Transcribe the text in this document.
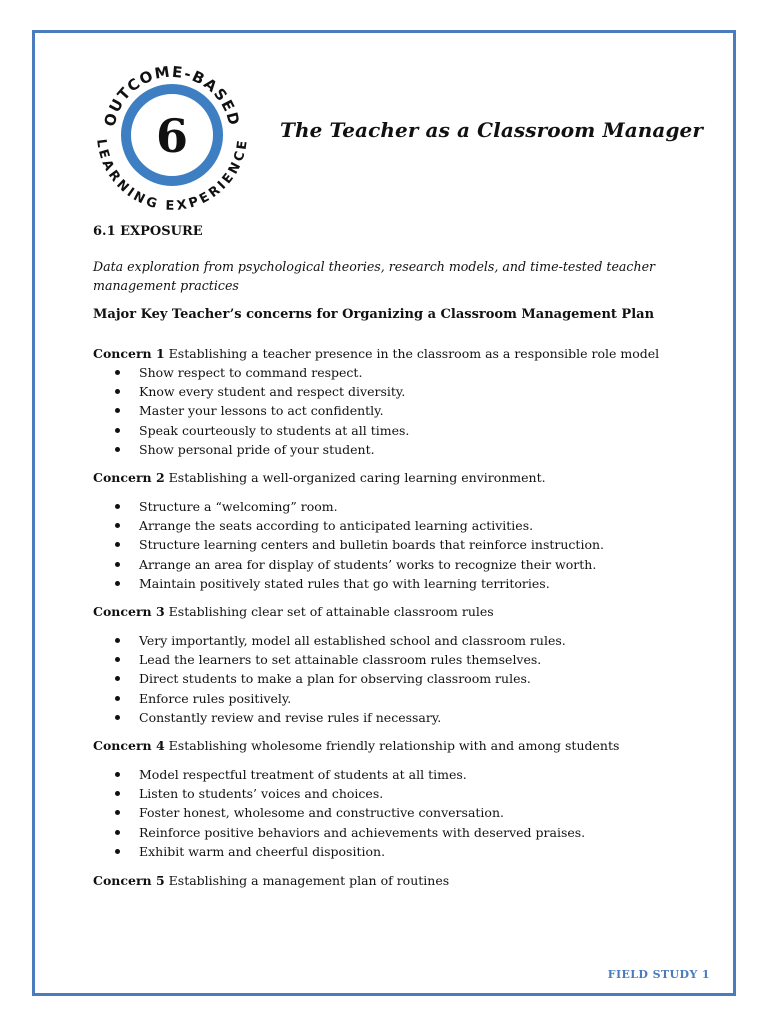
6
OUTCOME-BASED
LEARNING EXPERIENCE
The Teacher as a Classroom Manager
6.1 EXPOSURE
Data exploration from psychological theories, research models, and time-tested teacher
management practices
Major Key Teacher’s concerns for Organizing a Classroom Management Plan
Concern 1 Establishing a teacher presence in the classroom as a responsible role model
Show respect to command respect.
Know every student and respect diversity.
Master your lessons to act confidently.
Speak courteously to students at all times.
Show personal pride of your student.
Concern 2 Establishing a well-organized caring learning environment.
Structure a “welcoming” room.
Arrange the seats according to anticipated learning activities.
Structure learning centers and bulletin boards that reinforce instruction.
Arrange an area for display of students’ works to recognize their worth.
Maintain positively stated rules that go with learning territories.
Concern 3 Establishing clear set of attainable classroom rules
Very importantly, model all established school and classroom rules.
Lead the learners to set attainable classroom rules themselves.
Direct students to make a plan for observing classroom rules.
Enforce rules positively.
Constantly review and revise rules if necessary.
Concern 4 Establishing wholesome friendly relationship with and among students
Model respectful treatment of students at all times.
Listen to students’ voices and choices.
Foster honest, wholesome and constructive conversation.
Reinforce positive behaviors and achievements with deserved praises.
Exhibit warm and cheerful disposition.
Concern 5 Establishing a management plan of routines
FIELD STUDY 1
